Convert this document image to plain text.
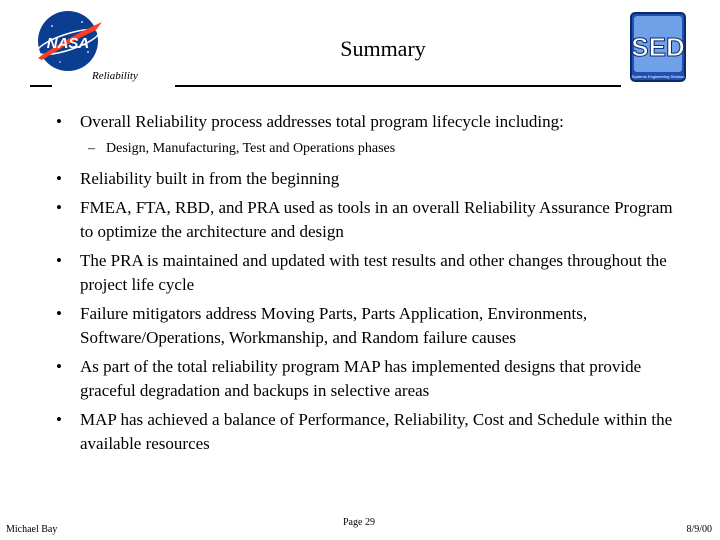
NASA	SED
Systems Engineering Division
Summary
Reliability
• Overall Reliability process addresses total program lifecycle including:
– Design, Manufacturing, Test and Operations phases
• Reliability built in from the beginning
• FMEA, FTA, RBD, and PRA used as tools in an overall Reliability Assurance Program to optimize the architecture and design
• The PRA is maintained and updated with test results and other changes throughout the project life cycle
• Failure mitigators address Moving Parts, Parts Application, Environments, Software/Operations, Workmanship, and Random failure causes
• As part of the total reliability program MAP has implemented designs that provide graceful degradation and backups in selective areas
• MAP has achieved a balance of Performance, Reliability, Cost and Schedule within the available resources
Michael Bay
Page 29
8/9/00
